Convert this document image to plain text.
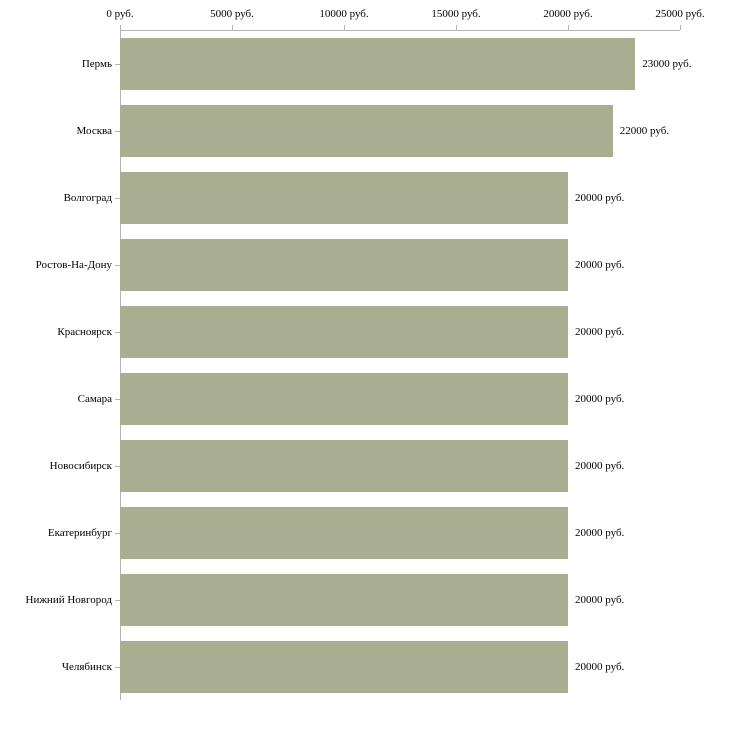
0 руб.	5000 руб.	10000 руб.	15000 руб.	20000 руб.	25000 руб.
23000 руб.
22000 руб.
20000 руб.
20000 руб.
20000 руб.
20000 руб.
20000 руб.
20000 руб.
20000 руб.
20000 руб.
Пермь
Москва
Волгоград
Ростов-На-Дону
Красноярск
Самара
Новосибирск
Екатеринбург
Нижний Новгород
Челябинск
